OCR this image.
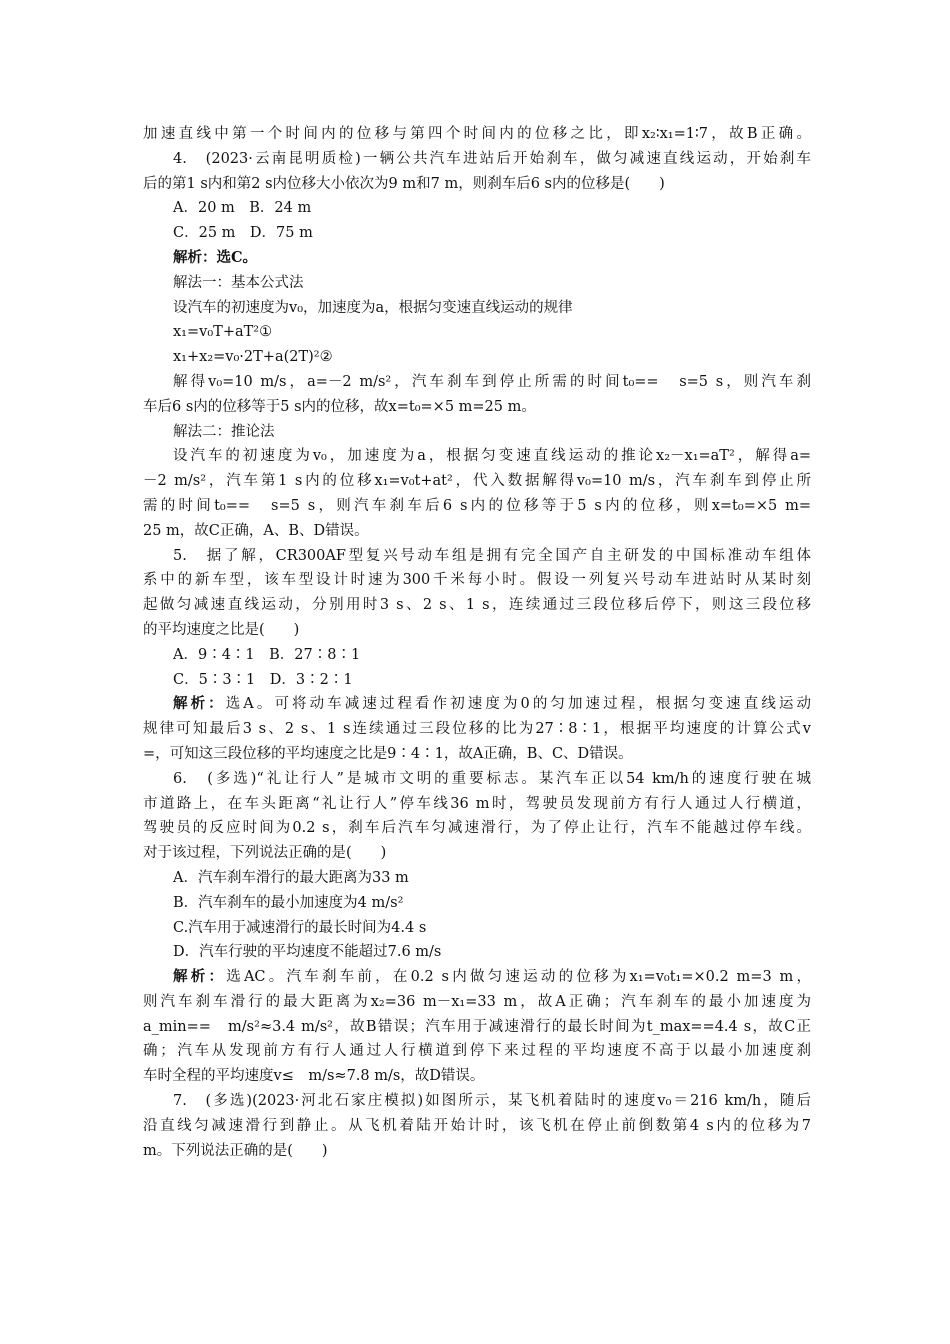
加速直线中第一个时间内的位移与第四个时间内的位移之比，即x₂∶x₁=1∶7，故B正确。
4.　(2023·云南昆明质检)一辆公共汽车进站后开始刹车，做匀减速直线运动，开始刹车
后的第1 s内和第2 s内位移大小依次为9 m和7 m，则刹车后6 s内的位移是(　　)
A．20 m　B．24 m
C．25 m　D．75 m
解析：选C。
解法一：基本公式法
设汽车的初速度为v₀，加速度为a，根据匀变速直线运动的规律
x₁=v₀T+aT²①
x₁+x₂=v₀·2T+a(2T)²②
解得v₀=10 m/s，a=－2 m/s²，汽车刹车到停止所需的时间t₀==　s=5 s，则汽车刹
车后6 s内的位移等于5 s内的位移，故x=t₀=×5 m=25 m。
解法二：推论法
设汽车的初速度为v₀，加速度为a，根据匀变速直线运动的推论x₂－x₁=aT²，解得a=
－2 m/s²，汽车第1 s内的位移x₁=v₀t+at²，代入数据解得v₀=10 m/s，汽车刹车到停止所
需的时间t₀==　s=5 s，则汽车刹车后6 s内的位移等于5 s内的位移，则x=t₀=×5 m=
25 m，故C正确，A、B、D错误。
5.　据了解，CR300AF型复兴号动车组是拥有完全国产自主研发的中国标准动车组体
系中的新车型，该车型设计时速为300千米每小时。假设一列复兴号动车进站时从某时刻
起做匀减速直线运动，分别用时3 s、2 s、1 s，连续通过三段位移后停下，则这三段位移
的平均速度之比是(　　)
A．9∶4∶1　B．27∶8∶1
C．5∶3∶1　D．3∶2∶1
解析：选A。可将动车减速过程看作初速度为0的匀加速过程，根据匀变速直线运动
规律可知最后3 s、2 s、1 s连续通过三段位移的比为27∶8∶1，根据平均速度的计算公式v
=，可知这三段位移的平均速度之比是9∶4∶1，故A正确，B、C、D错误。
6.　(多选)“礼让行人”是城市文明的重要标志。某汽车正以54 km/h的速度行驶在城
市道路上，在车头距离“礼让行人”停车线36 m时，驾驶员发现前方有行人通过人行横道，
驾驶员的反应时间为0.2 s，刹车后汽车匀减速滑行，为了停止让行，汽车不能越过停车线。
对于该过程，下列说法正确的是(　　)
A．汽车刹车滑行的最大距离为33 m
B．汽车刹车的最小加速度为4 m/s²
C.汽车用于减速滑行的最长时间为4.4 s
D．汽车行驶的平均速度不能超过7.6 m/s
解析：选AC。汽车刹车前，在0.2 s内做匀速运动的位移为x₁=v₀t₁=×0.2 m=3 m，
则汽车刹车滑行的最大距离为x₂=36 m－x₁=33 m，故A正确；汽车刹车的最小加速度为
a_min==　m/s²≈3.4 m/s²，故B错误；汽车用于减速滑行的最长时间为t_max==4.4 s，故C正
确；汽车从发现前方有行人通过人行横道到停下来过程的平均速度不高于以最小加速度刹
车时全程的平均速度v≤　m/s≈7.8 m/s，故D错误。
7.　(多选)(2023·河北石家庄模拟)如图所示，某飞机着陆时的速度v₀＝216 km/h，随后
沿直线匀减速滑行到静止。从飞机着陆开始计时，该飞机在停止前倒数第4 s内的位移为7
m。下列说法正确的是(　　)
